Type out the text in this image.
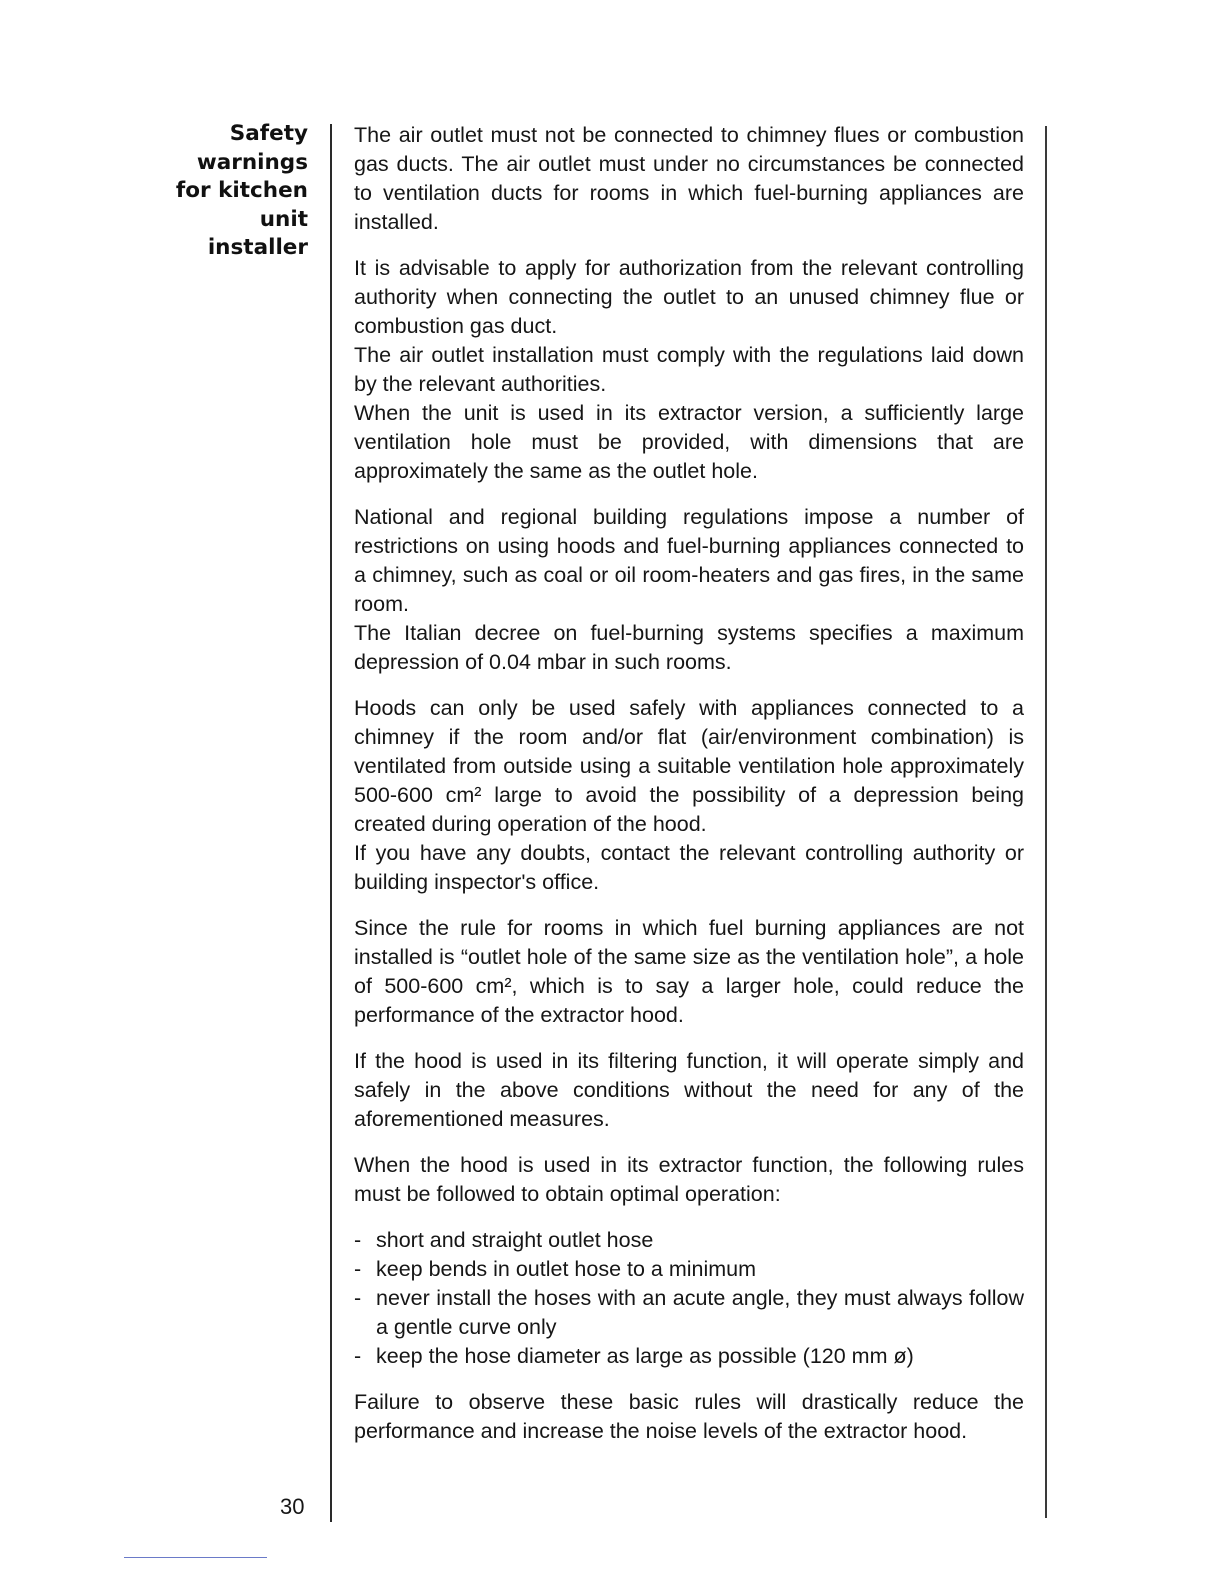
Safety
warnings
for kitchen
unit
installer

The air outlet must not be connected to chimney flues or combustion gas ducts. The air outlet must under no circumstances be connected to ventilation ducts for rooms in which fuel-burning appliances are installed.

It is advisable to apply for authorization from the relevant controlling authority when connecting the outlet to an unused chimney flue or combustion gas duct.

The air outlet installation must comply with the regulations laid down by the relevant authorities.

When the unit is used in its extractor version, a sufficiently large ventilation hole must be provided, with dimensions that are approximately the same as the outlet hole.

National and regional building regulations impose a number of restrictions on using hoods and fuel-burning appliances connected to a chimney, such as coal or oil room-heaters and gas fires, in the same room.

The Italian decree on fuel-burning systems specifies a maximum depression of 0.04 mbar in such rooms.

Hoods can only be used safely with appliances connected to a chimney if the room and/or flat (air/environment combination) is ventilated from outside using a suitable ventilation hole approximately 500-600 cm² large to avoid the possibility of a depression being created during operation of the hood.

If you have any doubts, contact the relevant controlling authority or building inspector's office.

Since the rule for rooms in which fuel burning appliances are not installed is “outlet hole of the same size as the ventilation hole”, a hole of 500-600 cm², which is to say a larger hole, could reduce the performance of the extractor hood.

If the hood is used in its filtering function, it will operate simply and safely in the above conditions without the need for any of the aforementioned measures.

When the hood is used in its extractor function, the following rules must be followed to obtain optimal operation:

- short and straight outlet hose
- keep bends in outlet hose to a minimum
- never install the hoses with an acute angle, they must always follow a gentle curve only
- keep the hose diameter as large as possible (120 mm ø)

Failure to observe these basic rules will drastically reduce the performance and increase the noise levels of the extractor hood.

30
